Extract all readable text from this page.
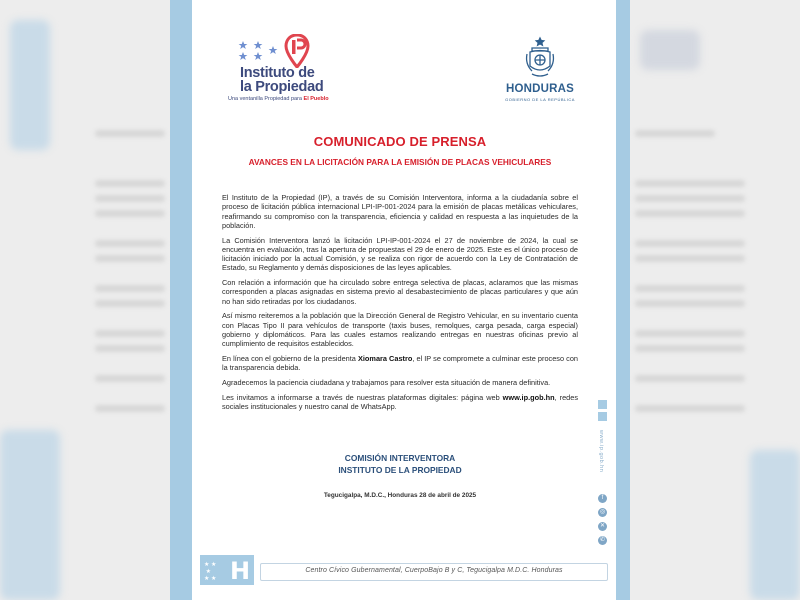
Instituto de
la Propiedad
Una ventanilla Propiedad para El Pueblo
HONDURAS
GOBIERNO DE LA REPÚBLICA
COMUNICADO DE PRENSA
AVANCES EN LA LICITACIÓN PARA LA EMISIÓN DE PLACAS VEHICULARES

El Instituto de la Propiedad (IP), a través de su Comisión Interventora, informa a la ciudadanía sobre el proceso de licitación pública internacional LPI-IP-001-2024 para la emisión de placas metálicas vehiculares, reafirmando su compromiso con la transparencia, eficiencia y calidad en respuesta a las inquietudes de la población.

La Comisión Interventora lanzó la licitación LPI-IP-001-2024 el 27 de noviembre de 2024, la cual se encuentra en evaluación, tras la apertura de propuestas el 29 de enero de 2025. Este es el único proceso de licitación iniciado por la actual Comisión, y se realiza con rigor de acuerdo con la Ley de Contratación de Estado, su Reglamento y demás disposiciones de las leyes aplicables.

Con relación a información que ha circulado sobre entrega selectiva de placas, aclaramos que las mismas corresponden a placas asignadas en sistema previo al desabastecimiento de placas particulares y que aún no han sido retiradas por los ciudadanos.

Así mismo reiteremos a la población que la Dirección General de Registro Vehicular, en su inventario cuenta con Placas Tipo II para vehículos de transporte (taxis buses, remolques, carga pesada, carga especial) gobierno y diplomáticos. Para las cuales estamos realizando entregas en nuestras oficinas previo al cumplimiento de requisitos establecidos.

En línea con el gobierno de la presidenta Xiomara Castro, el IP se compromete a culminar este proceso con la transparencia debida.

Agradecemos la paciencia ciudadana y trabajamos para resolver esta situación de manera definitiva.

Les invitamos a informarse a través de nuestras plataformas digitales: página web www.ip.gob.hn, redes sociales institucionales y nuestro canal de WhatsApp.

COMISIÓN INTERVENTORA
INSTITUTO DE LA PROPIEDAD
Tegucigalpa, M.D.C., Honduras 28 de abril de 2025
www.ip.gob.hn
f
◎
✕
✆
★ ★
★
★ ★ H	Centro Cívico Gubernamental, CuerpoBajo B y C, Tegucigalpa M.D.C. Honduras
